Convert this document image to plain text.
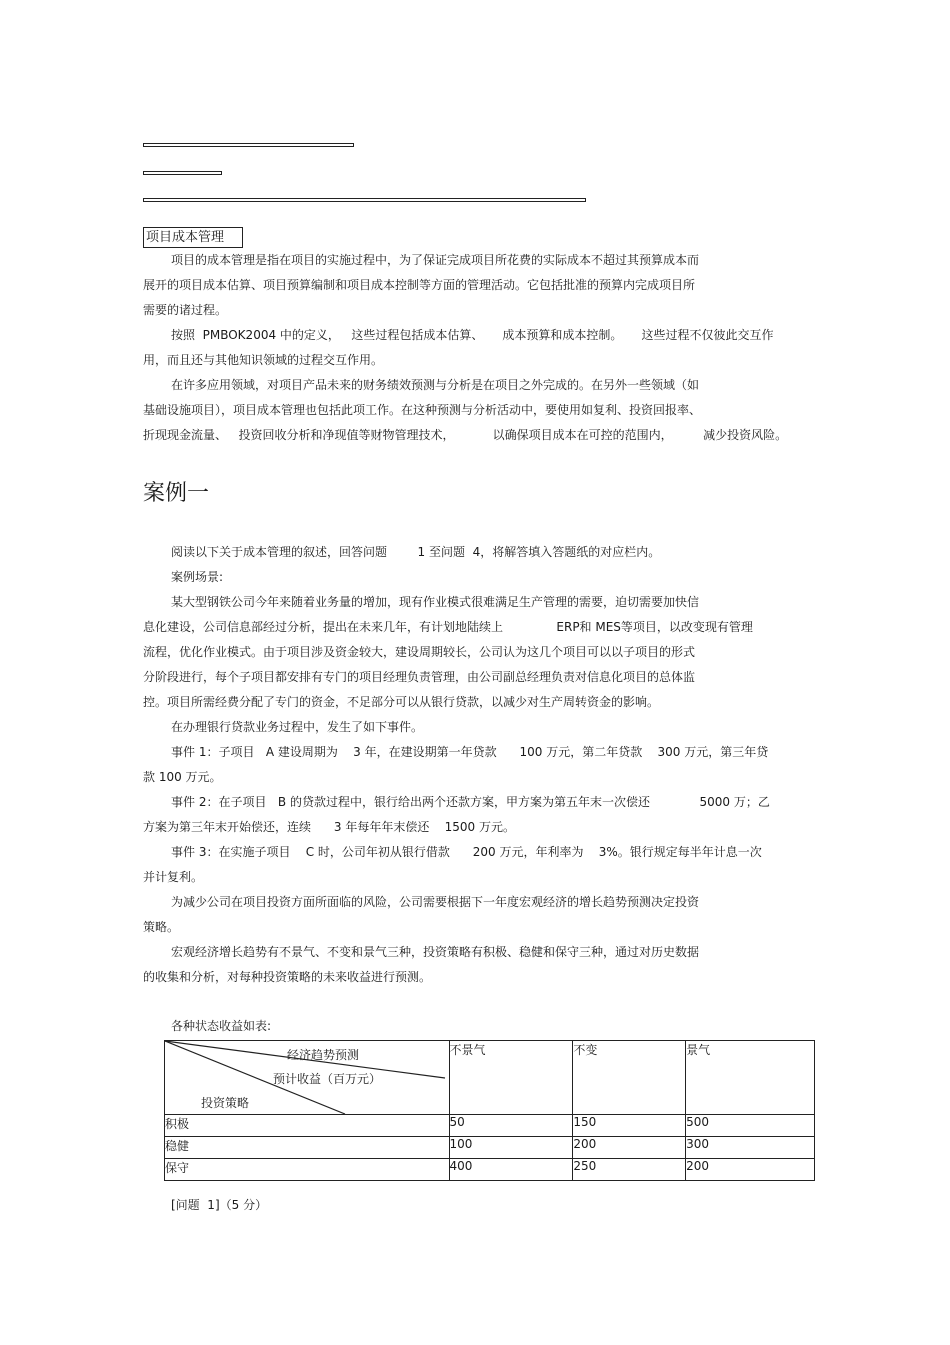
项目成本管理
项目的成本管理是指在项目的实施过程中，为了保证完成项目所花费的实际成本不超过其预算成本而
展开的项目成本估算、项目预算编制和项目成本控制等方面的管理活动。它包括批准的预算内完成项目所
需要的诸过程。
按照  PMBOK2004 中的定义，   这些过程包括成本估算、     成本预算和成本控制。     这些过程不仅彼此交互作
用，而且还与其他知识领域的过程交互作用。
在许多应用领域，对项目产品未来的财务绩效预测与分析是在项目之外完成的。在另外一些领域（如
基础设施项目），项目成本管理也包括此项工作。在这种预测与分析活动中，要使用如复利、投资回报率、
折现现金流量、   投资回收分析和净现值等财物管理技术，          以确保项目成本在可控的范围内，        减少投资风险。
案例一
阅读以下关于成本管理的叙述，回答问题        1 至问题  4，将解答填入答题纸的对应栏内。
案例场景:
某大型钢铁公司今年来随着业务量的增加，现有作业模式很难满足生产管理的需要，迫切需要加快信
息化建设，公司信息部经过分析，提出在未来几年，有计划地陆续上              ERP和 MES等项目，以改变现有管理
流程，优化作业模式。由于项目涉及资金较大，建设周期较长，公司认为这几个项目可以以子项目的形式
分阶段进行，每个子项目都安排有专门的项目经理负责管理，由公司副总经理负责对信息化项目的总体监
控。项目所需经费分配了专门的资金，不足部分可以从银行贷款，以减少对生产周转资金的影响。
在办理银行贷款业务过程中，发生了如下事件。
事件 1：子项目   A 建设周期为    3 年，在建设期第一年贷款      100 万元，第二年贷款    300 万元，第三年贷
款 100 万元。
事件 2：在子项目   B 的贷款过程中，银行给出两个还款方案，甲方案为第五年末一次偿还             5000 万；乙
方案为第三年末开始偿还，连续      3 年每年年末偿还    1500 万元。
事件 3：在实施子项目    C 时，公司年初从银行借款      200 万元，年利率为    3%。银行规定每半年计息一次
并计复利。
为减少公司在项目投资方面所面临的风险，公司需要根据下一年度宏观经济的增长趋势预测决定投资
策略。
宏观经济增长趋势有不景气、不变和景气三种，投资策略有积极、稳健和保守三种，通过对历史数据
的收集和分析，对每种投资策略的未来收益进行预测。
各种状态收益如表:
经济趋势预测
预计收益（百万元）
投资策略	不景气	不变	景气
积极	50	150	500
稳健	100	200	300
保守	400	250	200
[问题  1]（5 分）
